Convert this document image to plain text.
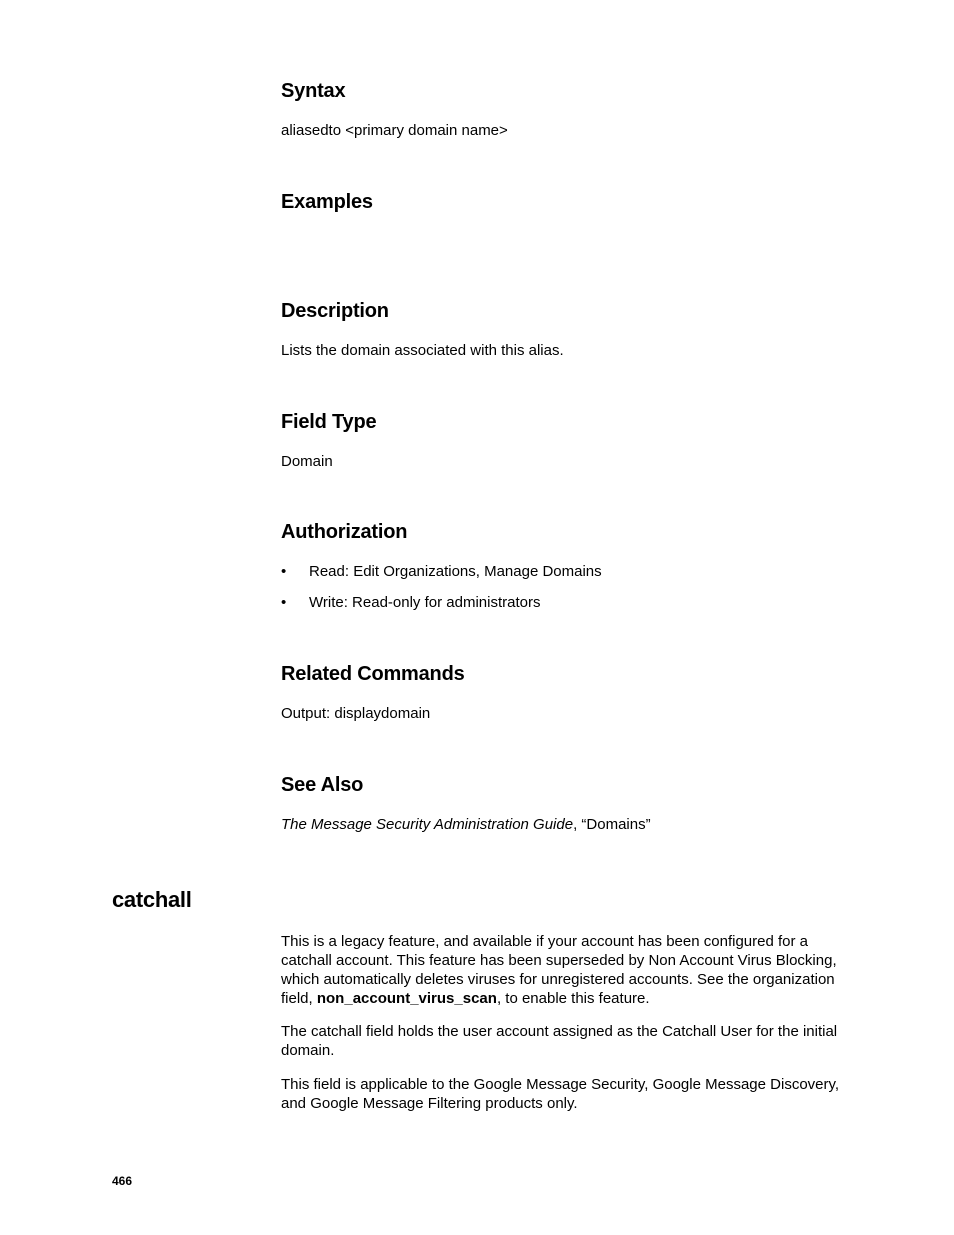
Syntax

aliasedto <primary domain name>

Examples
Description

Lists the domain associated with this alias.

Field Type

Domain

Authorization
• Read: Edit Organizations, Manage Domains
• Write: Read-only for administrators
Related Commands

Output: displaydomain

See Also

The Message Security Administration Guide, “Domains”

catchall

This is a legacy feature, and available if your account has been configured for a catchall account. This feature has been superseded by Non Account Virus Blocking, which automatically deletes viruses for unregistered accounts. See the organization field, non_account_virus_scan, to enable this feature.

The catchall field holds the user account assigned as the Catchall User for the initial domain.

This field is applicable to the Google Message Security, Google Message Discovery, and Google Message Filtering products only.

466
